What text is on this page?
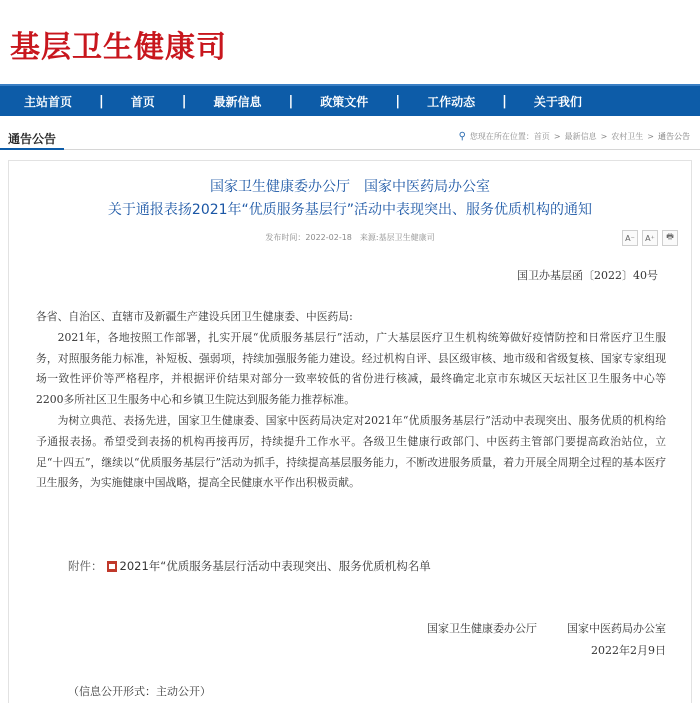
基层卫生健康司
主站首页 | 首页 | 最新信息 | 政策文件 | 工作动态 | 关于我们
通告公告	⚲ 您现在所在位置： 首页 > 最新信息 > 农村卫生 > 通告公告
国家卫生健康委办公厅 国家中医药局办公室
关于通报表扬2021年“优质服务基层行”活动中表现突出、服务优质机构的通知
发布时间：2022-02-18 来源:基层卫生健康司	A⁻	A⁺	🖶
国卫办基层函〔2022〕40号

各省、自治区、直辖市及新疆生产建设兵团卫生健康委、中医药局:

2021年，各地按照工作部署，扎实开展“优质服务基层行”活动，广大基层医疗卫生机构统筹做好疫情防控和日常医疗卫生服务，对照服务能力标准，补短板、强弱项，持续加强服务能力建设。经过机构自评、县区级审核、地市级和省级复核、国家专家组现场一致性评价等严格程序，并根据评价结果对部分一致率较低的省份进行核减，最终确定北京市东城区天坛社区卫生服务中心等2200多所社区卫生服务中心和乡镇卫生院达到服务能力推荐标准。

为树立典范、表扬先进，国家卫生健康委、国家中医药局决定对2021年“优质服务基层行”活动中表现突出、服务优质的机构给予通报表扬。希望受到表扬的机构再接再厉，持续提升工作水平。各级卫生健康行政部门、中医药主管部门要提高政治站位，立足“十四五”，继续以“优质服务基层行”活动为抓手，持续提高基层服务能力，不断改进服务质量，着力开展全周期全过程的基本医疗卫生服务，为实施健康中国战略，提高全民健康水平作出积极贡献。

附件： 2021年“优质服务基层行活动中表现突出、服务优质机构名单
国家卫生健康委办公厅	国家中医药局办公室
2022年2月9日
（信息公开形式：主动公开）
